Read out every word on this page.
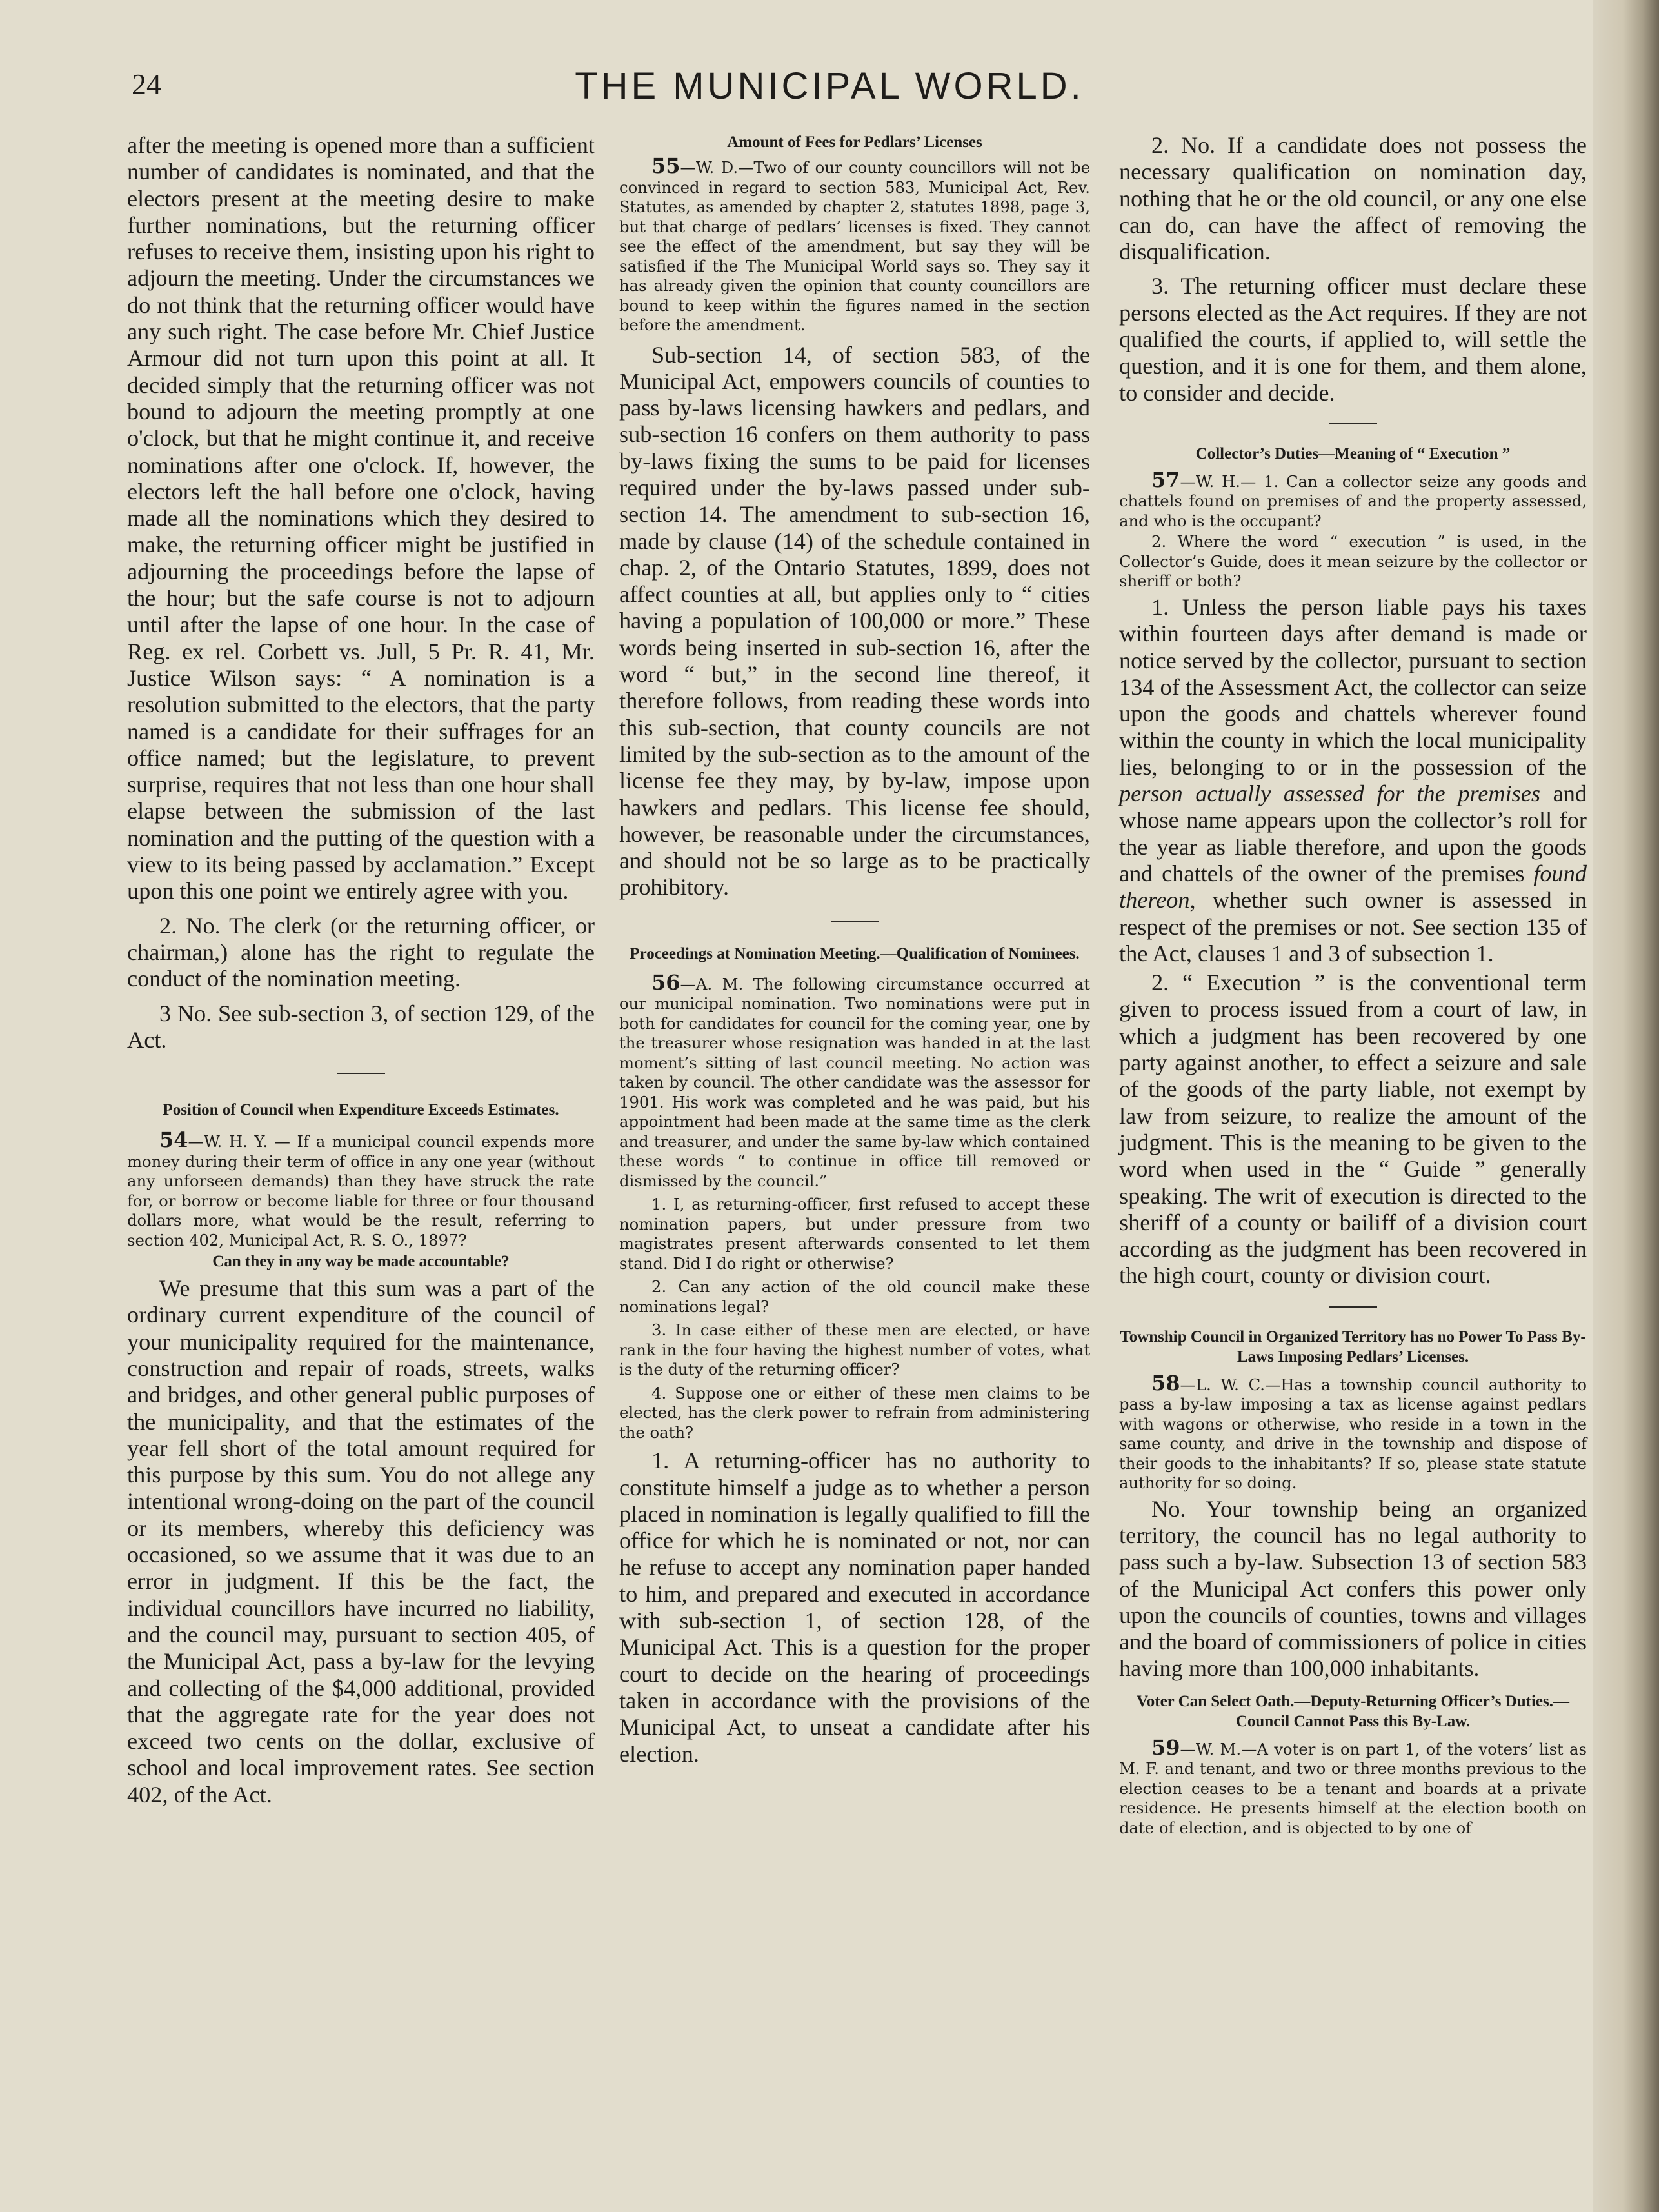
24	THE MUNICIPAL WORLD.

after the meeting is opened more than a sufficient number of candidates is nominated, and that the electors present at the meeting desire to make further nominations, but the returning officer refuses to receive them, insisting upon his right to adjourn the meeting. Under the circumstances we do not think that the returning officer would have any such right. The case before Mr. Chief Justice Armour did not turn upon this point at all. It decided simply that the returning officer was not bound to adjourn the meeting promptly at one o'clock, but that he might continue it, and receive nominations after one o'clock. If, however, the electors left the hall before one o'clock, having made all the nominations which they desired to make, the returning officer might be justified in adjourning the proceedings before the lapse of the hour; but the safe course is not to adjourn until after the lapse of one hour. In the case of Reg. ex rel. Corbett vs. Jull, 5 Pr. R. 41, Mr. Justice Wilson says: “ A nomination is a resolution submitted to the electors, that the party named is a candidate for their suffrages for an office named; but the legislature, to prevent surprise, requires that not less than one hour shall elapse between the submission of the last nomination and the putting of the question with a view to its being passed by acclamation.” Except upon this one point we entirely agree with you.

2. No. The clerk (or the returning officer, or chairman,) alone has the right to regulate the conduct of the nomination meeting.

3 No. See sub-section 3, of section 129, of the Act.

Position of Council when Expenditure Exceeds Estimates.

54—W. H. Y. — If a municipal council expends more money during their term of office in any one year (without any unforseen demands) than they have struck the rate for, or borrow or become liable for three or four thousand dollars more, what would be the result, referring to section 402, Municipal Act, R. S. O., 1897?

Can they in any way be made accountable?

We presume that this sum was a part of the ordinary current expenditure of the council of your municipality required for the maintenance, construction and repair of roads, streets, walks and bridges, and other general public purposes of the municipality, and that the estimates of the year fell short of the total amount required for this purpose by this sum. You do not allege any intentional wrong-doing on the part of the council or its members, whereby this deficiency was occasioned, so we assume that it was due to an error in judgment. If this be the fact, the individual councillors have incurred no liability, and the council may, pursuant to section 405, of the Municipal Act, pass a by-law for the levying and collecting of the $4,000 additional, provided that the aggregate rate for the year does not exceed two cents on the dollar, exclusive of school and local improvement rates. See section 402, of the Act.

Amount of Fees for Pedlars’ Licenses

55—W. D.—Two of our county councillors will not be convinced in regard to section 583, Municipal Act, Rev. Statutes, as amended by chapter 2, statutes 1898, page 3, but that charge of pedlars’ licenses is fixed. They cannot see the effect of the amendment, but say they will be satisfied if the The Municipal World says so. They say it has already given the opinion that county councillors are bound to keep within the figures named in the section before the amendment.

Sub-section 14, of section 583, of the Municipal Act, empowers councils of counties to pass by-laws licensing hawkers and pedlars, and sub-section 16 confers on them authority to pass by-laws fixing the sums to be paid for licenses required under the by-laws passed under sub-section 14. The amendment to sub-section 16, made by clause (14) of the schedule contained in chap. 2, of the Ontario Statutes, 1899, does not affect counties at all, but applies only to “ cities having a population of 100,000 or more.” These words being inserted in sub-section 16, after the word “ but,” in the second line thereof, it therefore follows, from reading these words into this sub-section, that county councils are not limited by the sub-section as to the amount of the license fee they may, by by-law, impose upon hawkers and pedlars. This license fee should, however, be reasonable under the circumstances, and should not be so large as to be practically prohibitory.

Proceedings at Nomination Meeting.—Qualification of Nominees.

56—A. M. The following circumstance occurred at our municipal nomination. Two nominations were put in both for candidates for council for the coming year, one by the treasurer whose resignation was handed in at the last moment’s sitting of last council meeting. No action was taken by council. The other candidate was the assessor for 1901. His work was completed and he was paid, but his appointment had been made at the same time as the clerk and treasurer, and under the same by-law which contained these words “ to continue in office till removed or dismissed by the council.”

1. I, as returning-officer, first refused to accept these nomination papers, but under pressure from two magistrates present afterwards consented to let them stand. Did I do right or otherwise?

2. Can any action of the old council make these nominations legal?

3. In case either of these men are elected, or have rank in the four having the highest number of votes, what is the duty of the returning officer?

4. Suppose one or either of these men claims to be elected, has the clerk power to refrain from administering the oath?

1. A returning-officer has no authority to constitute himself a judge as to whether a person placed in nomination is legally qualified to fill the office for which he is nominated or not, nor can he refuse to accept any nomination paper handed to him, and prepared and executed in accordance with sub-section 1, of section 128, of the Municipal Act. This is a question for the proper court to decide on the hearing of proceedings taken in accordance with the provisions of the Municipal Act, to unseat a candidate after his election.

2. No. If a candidate does not possess the necessary qualification on nomination day, nothing that he or the old council, or any one else can do, can have the affect of removing the disqualification.

3. The returning officer must declare these persons elected as the Act requires. If they are not qualified the courts, if applied to, will settle the question, and it is one for them, and them alone, to consider and decide.

Collector’s Duties—Meaning of “ Execution ”

57—W. H.— 1. Can a collector seize any goods and chattels found on premises of and the property assessed, and who is the occupant?

2. Where the word “ execution ” is used, in the Collector’s Guide, does it mean seizure by the collector or sheriff or both?

1. Unless the person liable pays his taxes within fourteen days after demand is made or notice served by the collector, pursuant to section 134 of the Assessment Act, the collector can seize upon the goods and chattels wherever found within the county in which the local municipality lies, belonging to or in the possession of the person actually assessed for the premises and whose name appears upon the collector’s roll for the year as liable therefore, and upon the goods and chattels of the owner of the premises found thereon, whether such owner is assessed in respect of the premises or not. See section 135 of the Act, clauses 1 and 3 of subsection 1.

2. “ Execution ” is the conventional term given to process issued from a court of law, in which a judgment has been recovered by one party against another, to effect a seizure and sale of the goods of the party liable, not exempt by law from seizure, to realize the amount of the judgment. This is the meaning to be given to the word when used in the “ Guide ” generally speaking. The writ of execution is directed to the sheriff of a county or bailiff of a division court according as the judgment has been recovered in the high court, county or division court.

Township Council in Organized Territory has no Power To Pass By-Laws Imposing Pedlars’ Licenses.

58—L. W. C.—Has a township council authority to pass a by-law imposing a tax as license against pedlars with wagons or otherwise, who reside in a town in the same county, and drive in the township and dispose of their goods to the inhabitants? If so, please state statute authority for so doing.

No. Your township being an organized territory, the council has no legal authority to pass such a by-law. Subsection 13 of section 583 of the Municipal Act confers this power only upon the councils of counties, towns and villages and the board of commissioners of police in cities having more than 100,000 inhabitants.

Voter Can Select Oath.—Deputy-Returning Officer’s Duties.—Council Cannot Pass this By-Law.

59—W. M.—A voter is on part 1, of the voters’ list as M. F. and tenant, and two or three months previous to the election ceases to be a tenant and boards at a private residence. He presents himself at the election booth on date of election, and is objected to by one of
